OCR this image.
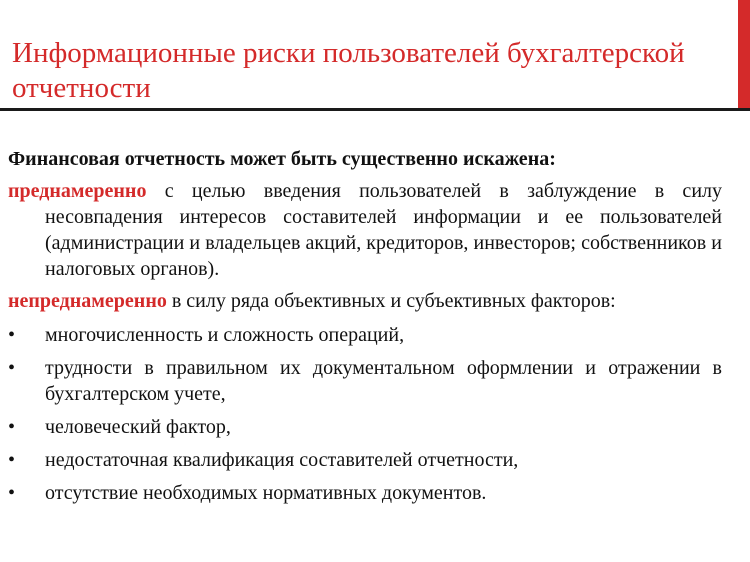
Информационные риски пользователей бухгалтерской отчетности

Финансовая отчетность может быть существенно искажена:

преднамеренно с целью введения пользователей в заблуждение в силу несовпадения интересов составителей информации и ее пользователей (администрации и владельцев акций, кредиторов, инвесторов; собственников и налоговых органов).

непреднамеренно в силу ряда объективных и субъективных факторов:

• многочисленность и сложность операций,
• трудности в правильном их документальном оформлении и отражении в бухгалтерском учете,
• человеческий фактор,
• недостаточная квалификация составителей отчетности,
• отсутствие необходимых нормативных документов.
